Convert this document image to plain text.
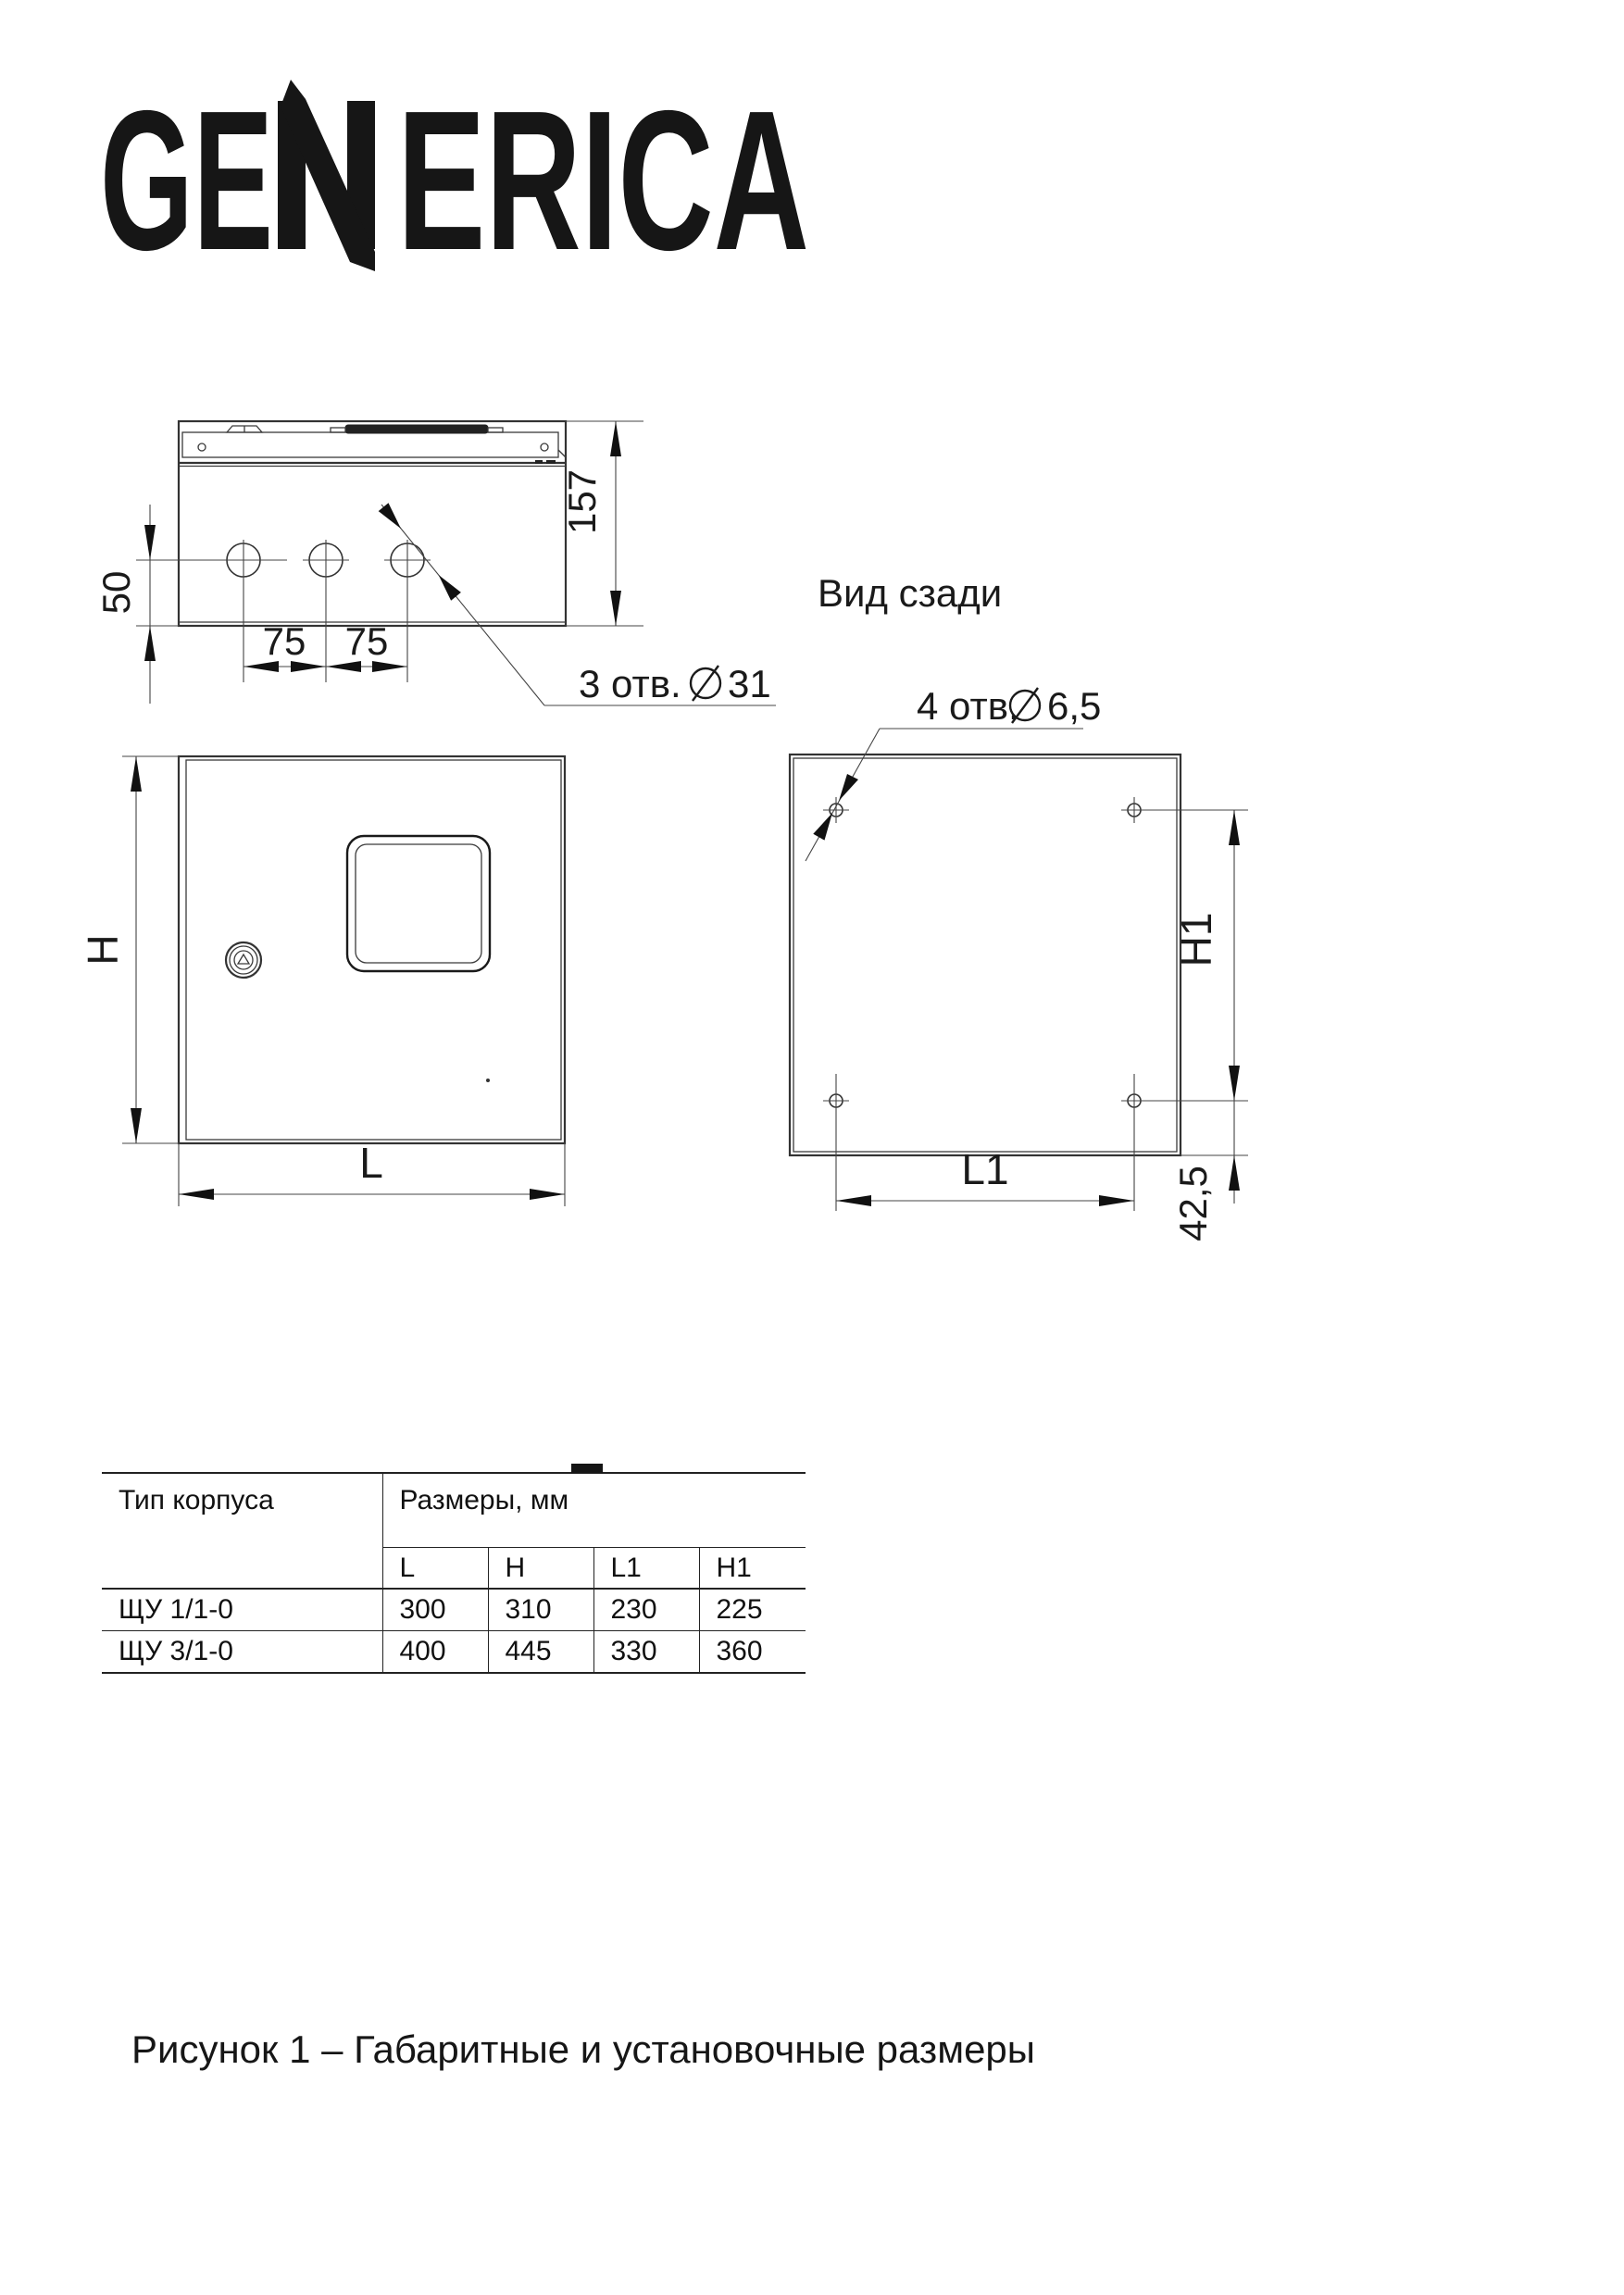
GE ERICA
50
157
75 75
3 отв. 31
Вид сзади
H
L
4 отв. 6,5
H1
42,5
L1
Тип корпуса	Размеры, мм			
	L	H	L1	H1
ЩУ 1/1-0	300	310	230	225
ЩУ 3/1-0	400	445	330	360
Рисунок 1 – Габаритные и установочные размеры
